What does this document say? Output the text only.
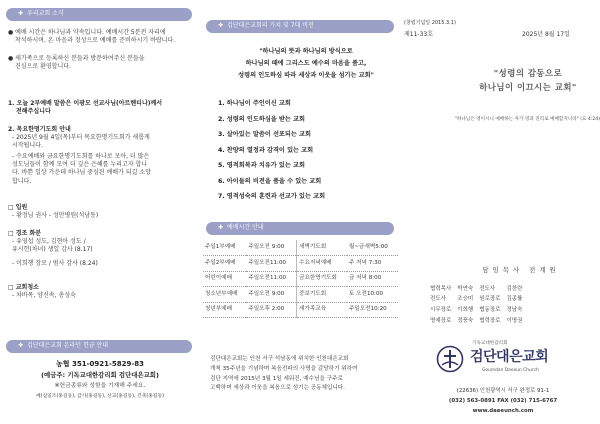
✚ 우리교회 소식
● 예배 시간은 하나님과 약속입니다. 예배시간 5분전 자리에
착석하시며, 온 마음과 정성으로 예배를 준비하시기 바랍니다.
● 새가족으로 등록하신 분들과 방문하여주신 분들을
진심으로 환영합니다.
1. 오늘 2부예배 말씀은 이광모 선교사님(아르헨티나)께서
전해주십니다
2. 목요한명기도회 안내
- 2025년 9월 4일(목)부터 목요한명기도회가 새롭게
시작됩니다.
- 수요예배와 금요한명기도회를 하나로 모아, 더 많은
성도님들이 함께 모여 더 깊은 은혜를 누리고자 합니
다. 바쁜 일상 가운데 하나님 중심된 예배가 되길 소망
합니다.
□ 입원
- 황정님 권사 - 성만병원(석남동)
□ 경조 화분
- 유영섭 성도, 김현아 성도 /
유시헌(차녀) 생일 감사 (8.17)
- 이희행 장로 / 범사 감사 (8.24)
□ 교회청소
- 차바목, 양신속, 총성숙
✚ 검단대은교회 온라인 헌금 안내
농협 351-0921-5829-83
(예금주: 기독교대한감리회 검단대은교회)
※헌금종류와 성함을 기재해 주세요.
예)십일조(홍길동), 감사(홍길동), 선교(홍길동), 건축(홍길동)
✚ 검단대은교회의 가치 및 7대 비전
"하나님의 뜻과 하나님의 방식으로
하나님의 때에 그리스도 예수의 마음을 품고,
성령의 인도하심 따라 세상과 이웃을 섬기는 교회"
1. 하나님이 주인이신 교회
2. 성령의 인도하심을 받는 교회
3. 살아있는 말씀이 선포되는 교회
4. 찬양의 열정과 감격이 있는 교회
5. 영적회복과 치유가 있는 교회
6. 아이들의 비전을 품을 수 있는 교회
7. 영적성숙의 훈련과 선교가 있는 교회
✚ 예배시간 안내
주일1부예배	주일오전 9:00	새벽기도회	월~금새벽5:00
주일2부예배	주일오전11:00	수요저녁예배	주 저녁 7:30
어린이예배	주일오전11:00	금요한명기도회	금 저녁 8:00
청소년부예배	주일오전 9:00	중보기도회	토 오전10:00
청년부예배	주일오후 2:00	새가족교육	주일오전10:20
검단대은교회는 인천 서구 석남동에 위치한 인천대은교회
개척 35주년을 기념하며 복음전파의 사명을 감당하기 위하여
검단 지역에 2015년 3월 1일 세워진, 예수님을 구주로
고백하며 세상과 이웃을 복음으로 섬기는 공동체입니다.
(창립기념일 2015.3.1)
제11-33호	2025년 8월 17일
"성령의 감동으로
하나님이 이끄시는 교회"
"하나님은 영이시니 예배하는 자가 영과 진리로 예배할지니라" (요 4:24)
담임목사 전계원
협력목사	박연숙	전도사	김찬란
전도사	조승미	원로장로	김종률
시무장로	이희행	협동장로	정남숙
명예장로	정풍숙	협력장로	이명권
기독교대한감리회
검단대은교회
Goumdan Daeeun Church
(22636) 인천광역시 서구 완정로 91-1
(032) 563-0891 FAX (032) 715-6767
www.daeeunch.com
